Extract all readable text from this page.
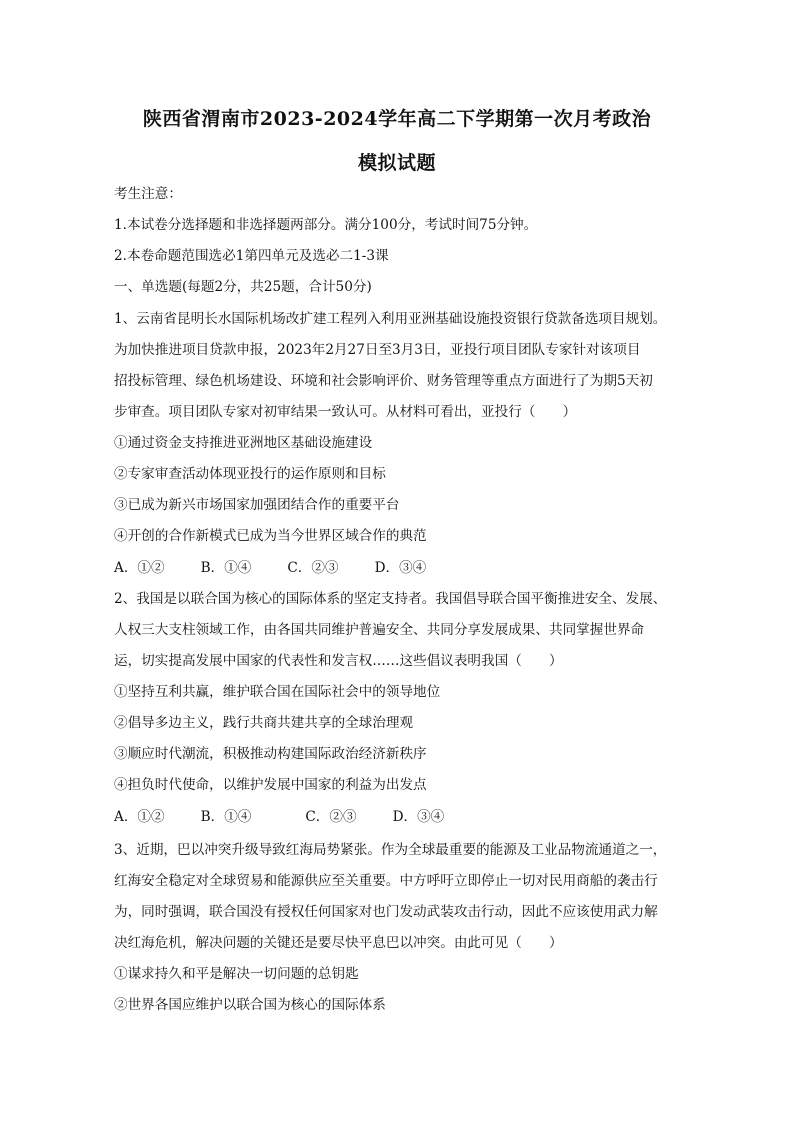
陕西省渭南市2023-2024学年高二下学期第一次月考政治
模拟试题
考生注意：
1.本试卷分选择题和非选择题两部分。满分100分，考试时间75分钟。
2.本卷命题范围选必1第四单元及选必二1-3课
一、单选题(每题2分，共25题，合计50分)
1、云南省昆明长水国际机场改扩建工程列入利用亚洲基础设施投资银行贷款备选项目规划。
为加快推进项目贷款申报，2023年2月27日至3月3日，亚投行项目团队专家针对该项目
招投标管理、绿色机场建设、环境和社会影响评价、财务管理等重点方面进行了为期5天初
步审查。项目团队专家对初审结果一致认可。从材料可看出，亚投行（　　）
①通过资金支持推进亚洲地区基础设施建设
②专家审查活动体现亚投行的运作原则和目标
③已成为新兴市场国家加强团结合作的重要平台
④开创的合作新模式已成为当今世界区域合作的典范
A．①②	B．①④	C．②③	D．③④
2、我国是以联合国为核心的国际体系的坚定支持者。我国倡导联合国平衡推进安全、发展、
人权三大支柱领域工作，由各国共同维护普遍安全、共同分享发展成果、共同掌握世界命
运，切实提高发展中国家的代表性和发言权……这些倡议表明我国（　　）
①坚持互利共赢，维护联合国在国际社会中的领导地位
②倡导多边主义，践行共商共建共享的全球治理观
③顺应时代潮流，积极推动构建国际政治经济新秩序
④担负时代使命，以维护发展中国家的利益为出发点
A．①②	B．①④	C．②③	D．③④
3、近期，巴以冲突升级导致红海局势紧张。作为全球最重要的能源及工业品物流通道之一，
红海安全稳定对全球贸易和能源供应至关重要。中方呼吁立即停止一切对民用商船的袭击行
为，同时强调，联合国没有授权任何国家对也门发动武装攻击行动，因此不应该使用武力解
决红海危机，解决问题的关键还是要尽快平息巴以冲突。由此可见（　　）
①谋求持久和平是解决一切问题的总钥匙
②世界各国应维护以联合国为核心的国际体系
